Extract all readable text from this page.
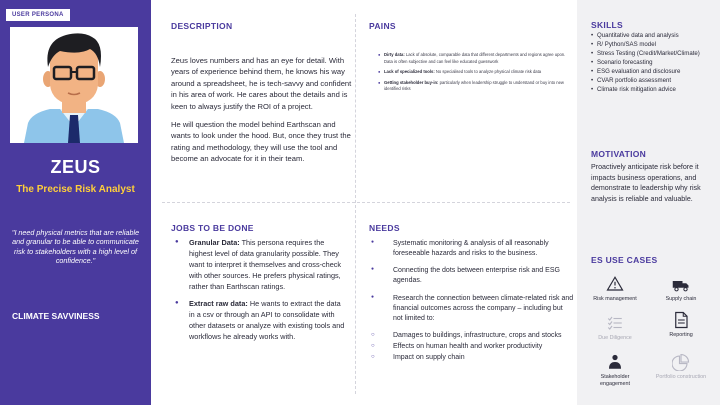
USER PERSONA
ZEUS
The Precise Risk Analyst
"I need physical metrics that are reliable and granular to be able to communicate risk to stakeholders with a high level of confidence."
CLIMATE SAVVINESS
DESCRIPTION

Zeus loves numbers and has an eye for detail. With years of experience behind them, he knows his way around a spreadsheet, he is tech-savvy and confident in his area of work. He cares about the details and is keen to always justify the ROI of a project.

He will question the model behind Earthscan and wants to look under the hood. But, once they trust the rating and methodology, they will use the tool and become an advocate for it in their team.

PAINS
● Dirty data: Lack of absolute, comparable data that different departments and regions agree upon. Data is often subjective and can feel like educated guesswork
● Lack of specialized tools: No specialised tools to analyze physical climate risk data
● Getting stakeholder buy-in: particularly when leadership struggle to understand or buy into new identified risks
JOBS TO BE DONE
● Granular Data: This persona requires the highest level of data granularity possible. They want to interpret it themselves and cross-check with other sources. He prefers physical ratings, rather than Earthscan ratings.
● Extract raw data: He wants to extract the data in a csv or through an API to consolidate with other datasets or analyze with existing tools and workflows he already works with.
NEEDS
● Systematic monitoring & analysis of all reasonably foreseeable hazards and risks to the business.
● Connecting the dots between enterprise risk and ESG agendas.
● Research the connection between climate-related risk and financial outcomes across the company – including but not limited to:
○ Damages to buildings, infrastructure, crops and stocks
○ Effects on human health and worker productivity
○ Impact on supply chain
SKILLS
• Quantitative data and analysis
• R/ Python/SAS model
• Stress Testing (Credit/Market/Climate)
• Scenario forecasting
• ESG evaluation and disclosure
• CVAR portfolio assessment
• Climate risk mitigation advice
MOTIVATION
Proactively anticipate risk before it impacts business operations, and demonstrate to leadership why risk analysis is reliable and valuable.
ES USE CASES
Risk management	Supply chain
Due Diligence	Reporting
Stakeholder engagement
Portfolio construction
